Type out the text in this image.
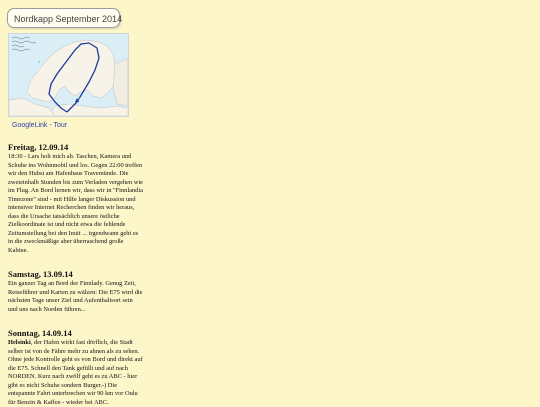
Nordkapp September 2014
GoogleLink - Tour
Freitag, 12.09.14

18:30 - Lars holt mich ab. Taschen, Kamera und Schuhe ins Wohnmobil und los. Gegen 22:00 treffen wir den Hubsi am Hafenhaus Travemünde. Die zweieinhalb Stunden bis zum Verladen vergehen wie im Flug. An Bord lernen wir, dass wir in "Finnlandia Timezone" sind - mit Hilfe langer Diskussion und intensiver Internet Recherchen finden wir heraus, dass die Ursache tatsächlich unsere östliche Zielkoordinate ist und nicht etwa die fehlende Zeitumstellung bei den Inuit ... irgendwann geht es in die zweckmäßige aber überraschend große Kabine.

Samstag, 13.09.14

Ein ganzer Tag an Bord der Finnlady. Genug Zeit, Reiseführer und Karten zu wälzen: Die E75 wird die nächsten Tage unser Ziel und Aufenthaltsort sein und uns nach Norden führen...

Sonntag, 14.09.14

Helsinki, der Hafen wirkt fast dörflich, die Stadt selber ist von de Fähre mehr zu ahnen als zu sehen. Ohne jede Kontrolle geht es von Bord und direkt auf die E75. Schnell den Tank gefüllt und auf nach NORDEN. Kurz nach zwölf geht es zu ABC - hier gibt es nicht Schuhe sondern Burger.-) Die entspannte Fahrt unterbrechen wir 90 km vor Oulu für Benzin & Kaffee - wieder bei ABC.
